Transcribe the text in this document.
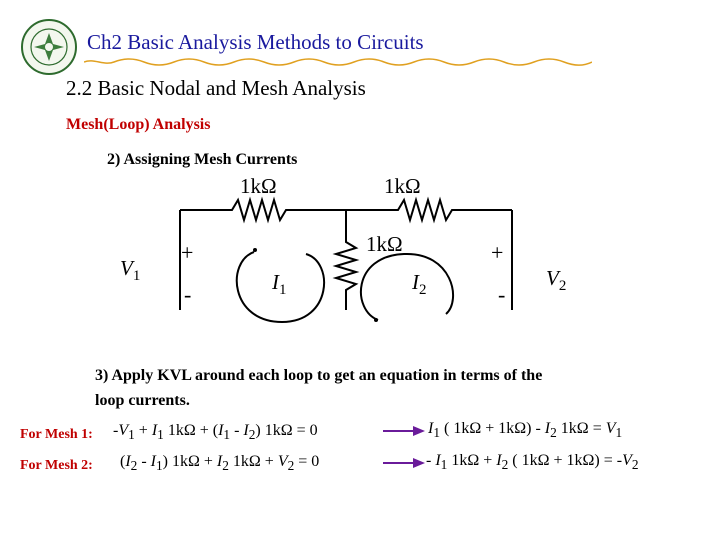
Ch2 Basic Analysis Methods to Circuits
2.2 Basic Nodal and Mesh Analysis
Mesh(Loop) Analysis
2) Assigning Mesh Currents
1kΩ	1kΩ
1kΩ
$V_1$
+
-
+
-
$V_2$
$I_1$	$I_2$
3) Apply KVL around each loop to get an equation in terms of the
loop currents.
For Mesh 1: $-V_1 + I_1$ $1k\Omega + (I_1 - I_2) 1k\Omega = 0$	$I_1$ ( $1k\Omega + 1k\Omega) - I_2$ $1k\Omega = V_1$
For Mesh 2: $(I_2 - I_1) 1k\Omega + I_2$ $1k\Omega + V_2 = 0$	- $I_1$ $1k\Omega + I_2$ ( $1k\Omega + 1k\Omega) = -V_2$
